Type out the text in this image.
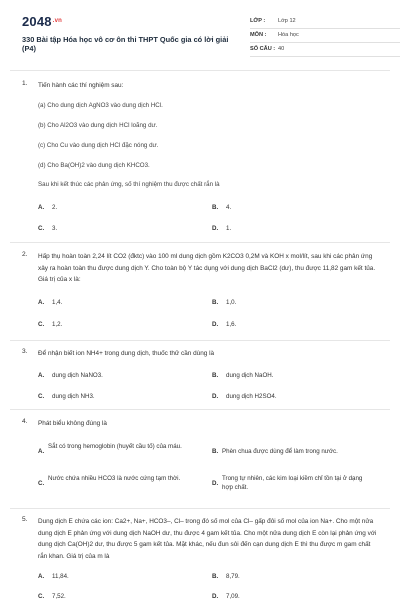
$2048^{.vn}$
330 Bài tập Hóa học vô cơ ôn thi THPT Quốc gia có lời giải (P4)
LỚP : Lớp 12
MÔN : Hóa học
SỐ CÂU : 40
1. Tiến hành các thí nghiệm sau:
(a) Cho dung dịch AgNO3 vào dung dịch HCl.
(b) Cho Al2O3 vào dung dịch HCl loãng dư.
(c) Cho Cu vào dung dịch HCl đặc nóng dư.
(d) Cho Ba(OH)2 vào dung dịch KHCO3.
Sau khi kết thúc các phản ứng, số thí nghiệm thu được chất rắn là
A. 2.	B. 4.
C. 3.	D. 1.
2. Hấp thụ hoàn toàn 2,24 lít CO2 (đktc) vào 100 ml dung dịch gồm K2CO3 0,2M và KOH x mol/lít, sau khi các phản ứng xảy ra hoàn toàn thu được dung dịch Y. Cho toàn bộ Y tác dụng với dung dịch BaCl2 (dư), thu được 11,82 gam kết tủa. Giá trị của x là:
A. 1,4.	B. 1,0.
C. 1,2.	D. 1,6.
3. Để nhận biết ion NH4+ trong dung dịch, thuốc thử cần dùng là
A. dung dịch NaNO3.	B. dung dịch NaOH.
C. dung dịch NH3.	D. dung dịch H2SO4.
4. Phát biểu không đúng là
A.
Sắt có trong hemoglobin (huyết cầu tố) của máu.
B. Phèn chua được dùng để làm trong nước.
C.
Nước chứa nhiều HCO3 là nước cứng tạm thời.
D.
Trong tự nhiên, các kim loại kiềm chỉ tồn tại ở dạng hợp chất.
5. Dung dịch E chứa các ion: Ca2+, Na+, HCO3–, Cl– trong đó số mol của Cl– gấp đôi số mol của ion Na+. Cho một nửa dung dịch E phản ứng với dung dịch NaOH dư, thu được 4 gam kết tủa. Cho một nửa dung dịch E còn lại phản ứng với dung dịch Ca(OH)2 dư, thu được 5 gam kết tủa. Mặt khác, nếu đun sôi đến cạn dung dịch E thì thu được m gam chất rắn khan. Giá trị của m là
A. 11,84.	B. 8,79.
C. 7,52.	D. 7,09.
